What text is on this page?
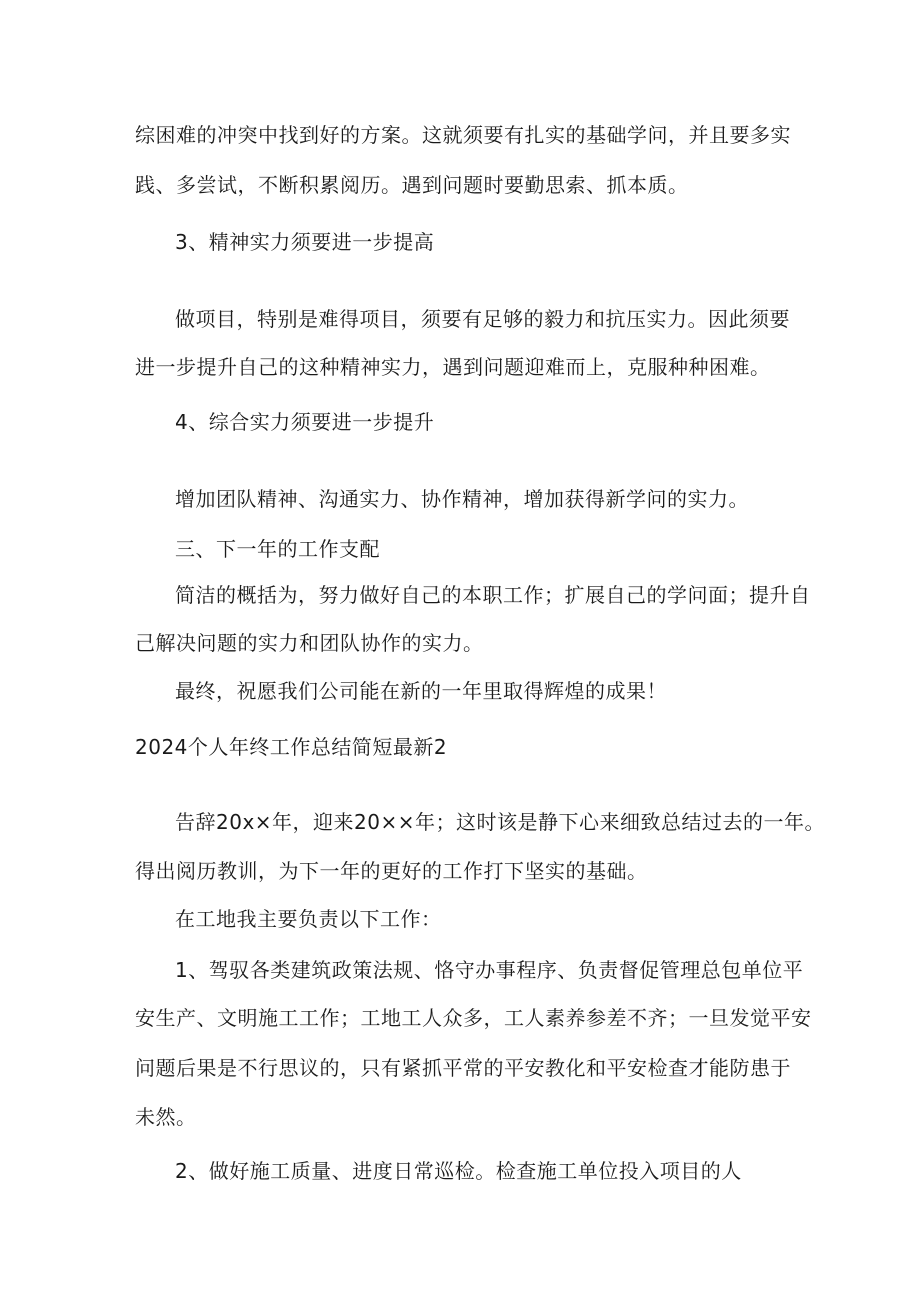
综困难的冲突中找到好的方案。这就须要有扎实的基础学问，并且要多实
践、多尝试，不断积累阅历。遇到问题时要勤思索、抓本质。
3、精神实力须要进一步提高
做项目，特别是难得项目，须要有足够的毅力和抗压实力。因此须要
进一步提升自己的这种精神实力，遇到问题迎难而上，克服种种困难。
4、综合实力须要进一步提升
增加团队精神、沟通实力、协作精神，增加获得新学问的实力。
三、下一年的工作支配
简洁的概括为，努力做好自己的本职工作；扩展自己的学问面；提升自
己解决问题的实力和团队协作的实力。
最终，祝愿我们公司能在新的一年里取得辉煌的成果！
2024个人年终工作总结简短最新2
告辞20x×年，迎来20××年；这时该是静下心来细致总结过去的一年。
得出阅历教训，为下一年的更好的工作打下坚实的基础。
在工地我主要负责以下工作：
1、驾驭各类建筑政策法规、恪守办事程序、负责督促管理总包单位平
安生产、文明施工工作；工地工人众多，工人素养参差不齐；一旦发觉平安
问题后果是不行思议的，只有紧抓平常的平安教化和平安检查才能防患于
未然。
2、做好施工质量、进度日常巡检。检查施工单位投入项目的人
